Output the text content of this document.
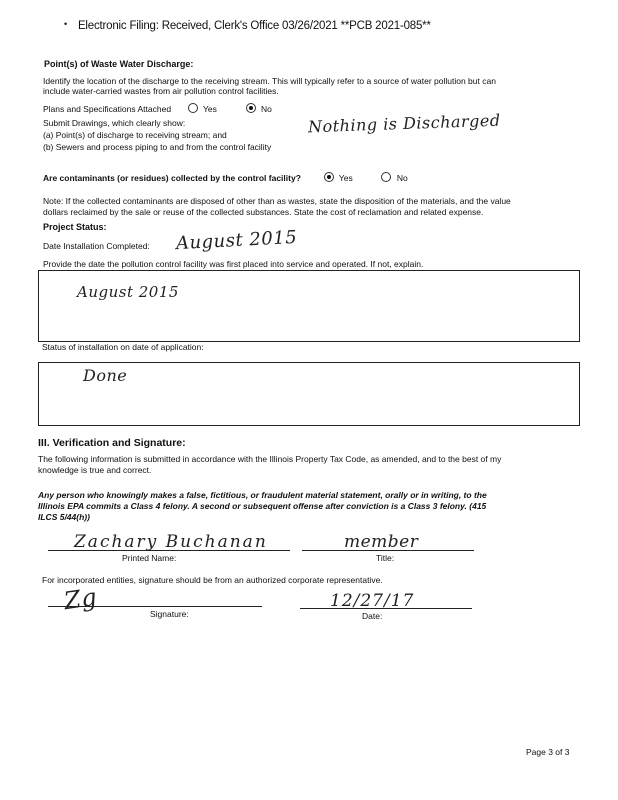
• Electronic Filing: Received, Clerk's Office 03/26/2021 **PCB 2021-085**
Point(s) of Waste Water Discharge:
Identify the location of the discharge to the receiving stream. This will typically refer to a source of water pollution but can
include water-carried wastes from air pollution control facilities.
Plans and Specifications Attached	Yes	No
Submit Drawings, which clearly show:
(a) Point(s) of discharge to receiving stream; and
(b) Sewers and process piping to and from the control facility
Nothing is Discharged
Are contaminants (or residues) collected by the control facility?	Yes	No
Note: If the collected contaminants are disposed of other than as wastes, state the disposition of the materials, and the value
dollars reclaimed by the sale or reuse of the collected substances. State the cost of reclamation and related expense.
Project Status:
Date Installation Completed: August 2015
Provide the date the pollution control facility was first placed into service and operated. If not, explain.
August 2015
Status of installation on date of application:
Done
III. Verification and Signature:
The following information is submitted in accordance with the Illinois Property Tax Code, as amended, and to the best of my
knowledge is true and correct.
Any person who knowingly makes a false, fictitious, or fraudulent material statement, orally or in writing, to the
Illinois EPA commits a Class 4 felony. A second or subsequent offense after conviction is a Class 3 felony. (415
ILCS 5/44(h))
Zachary Buchanan
Printed Name:
member
Title:
For incorporated entities, signature should be from an authorized corporate representative.
Zg	Signature:
12/27/17
Date:
Page 3 of 3
